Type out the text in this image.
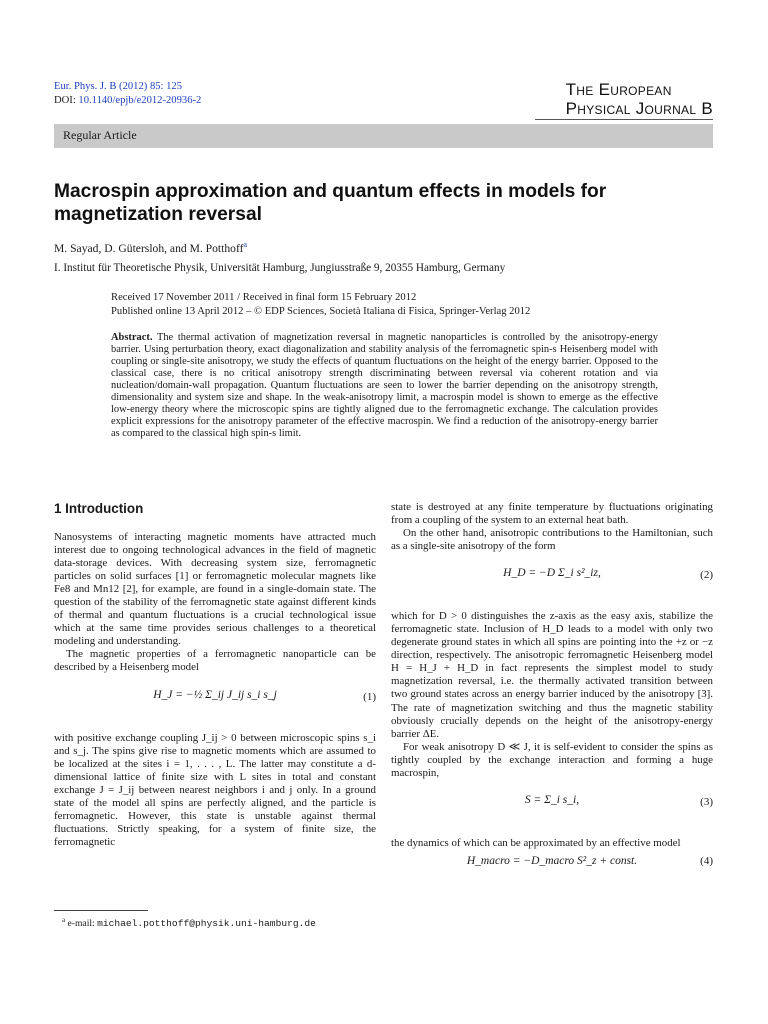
Eur. Phys. J. B (2012) 85: 125
DOI: 10.1140/epjb/e2012-20936-2
The European
Physical Journal B
Regular Article
Macrospin approximation and quantum effects in models for magnetization reversal
M. Sayad, D. Gütersloh, and M. Potthoff$^a$
I. Institut für Theoretische Physik, Universität Hamburg, Jungiusstraße 9, 20355 Hamburg, Germany
Received 17 November 2011 / Received in final form 15 February 2012
Published online 13 April 2012 – © EDP Sciences, Società Italiana di Fisica, Springer-Verlag 2012
Abstract. The thermal activation of magnetization reversal in magnetic nanoparticles is controlled by the anisotropy-energy barrier. Using perturbation theory, exact diagonalization and stability analysis of the ferromagnetic spin-s Heisenberg model with coupling or single-site anisotropy, we study the effects of quantum fluctuations on the height of the energy barrier. Opposed to the classical case, there is no critical anisotropy strength discriminating between reversal via coherent rotation and via nucleation/domain-wall propagation. Quantum fluctuations are seen to lower the barrier depending on the anisotropy strength, dimensionality and system size and shape. In the weak-anisotropy limit, a macrospin model is shown to emerge as the effective low-energy theory where the microscopic spins are tightly aligned due to the ferromagnetic exchange. The calculation provides explicit expressions for the anisotropy parameter of the effective macrospin. We find a reduction of the anisotropy-energy barrier as compared to the classical high spin-s limit.
1 Introduction

Nanosystems of interacting magnetic moments have attracted much interest due to ongoing technological advances in the field of magnetic data-storage devices. With decreasing system size, ferromagnetic particles on solid surfaces [1] or ferromagnetic molecular magnets like Fe8 and Mn12 [2], for example, are found in a single-domain state. The question of the stability of the ferromagnetic state against different kinds of thermal and quantum fluctuations is a crucial technological issue which at the same time provides serious challenges to a theoretical modeling and understanding.

The magnetic properties of a ferromagnetic nanoparticle can be described by a Heisenberg model

H_J = −½ Σ_ij J_ij s_i s_j	(1)

with positive exchange coupling J_ij > 0 between microscopic spins s_i and s_j. The spins give rise to magnetic moments which are assumed to be localized at the sites i = 1, . . . , L. The latter may constitute a d-dimensional lattice of finite size with L sites in total and constant exchange J = J_ij between nearest neighbors i and j only. In a ground state of the model all spins are perfectly aligned, and the particle is ferromagnetic. However, this state is unstable against thermal fluctuations. Strictly speaking, for a system of finite size, the ferromagnetic

state is destroyed at any finite temperature by fluctuations originating from a coupling of the system to an external heat bath.

On the other hand, anisotropic contributions to the Hamiltonian, such as a single-site anisotropy of the form

H_D = −D Σ_i s²_iz,	(2)

which for D > 0 distinguishes the z-axis as the easy axis, stabilize the ferromagnetic state. Inclusion of H_D leads to a model with only two degenerate ground states in which all spins are pointing into the +z or −z direction, respectively. The anisotropic ferromagnetic Heisenberg model H = H_J + H_D in fact represents the simplest model to study magnetization reversal, i.e. the thermally activated transition between two ground states across an energy barrier induced by the anisotropy [3]. The rate of magnetization switching and thus the magnetic stability obviously crucially depends on the height of the anisotropy-energy barrier ΔE.

For weak anisotropy D ≪ J, it is self-evident to consider the spins as tightly coupled by the exchange interaction and forming a huge macrospin,

S = Σ_i s_i,	(3)

the dynamics of which can be approximated by an effective model

H_macro = −D_macro S²_z + const.	(4)
$^a$ e-mail: michael.potthoff@physik.uni-hamburg.de
